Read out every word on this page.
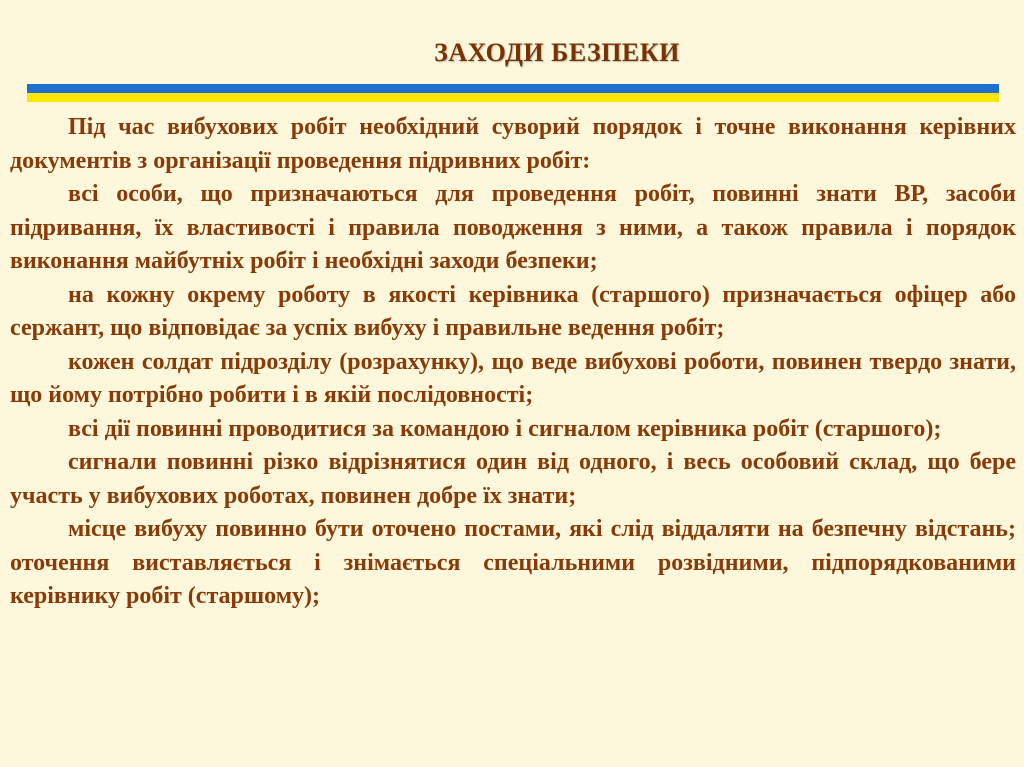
ЗАХОДИ БЕЗПЕКИ

Під час вибухових робіт необхідний суворий порядок і точне виконання керівних документів з організації проведення підривних робіт:

всі особи, що призначаються для проведення робіт, повинні знати ВР, засоби підривання, їх властивості і правила поводження з ними, а також правила і порядок виконання майбутніх робіт і необхідні заходи безпеки;

на кожну окрему роботу в якості керівника (старшого) призначається офіцер або сержант, що відповідає за успіх вибуху і правильне ведення робіт;

кожен солдат підрозділу (розрахунку), що веде вибухові роботи, повинен твердо знати, що йому потрібно робити і в якій послідовності;

всі дії повинні проводитися за командою і сигналом керівника робіт (старшого);

сигнали повинні різко відрізнятися один від одного, і весь особовий склад, що бере участь у вибухових роботах, повинен добре їх знати;

місце вибуху повинно бути оточено постами, які слід віддаляти на безпечну відстань; оточення виставляється і знімається спеціальними розвідними, підпорядкованими керівнику робіт (старшому);
